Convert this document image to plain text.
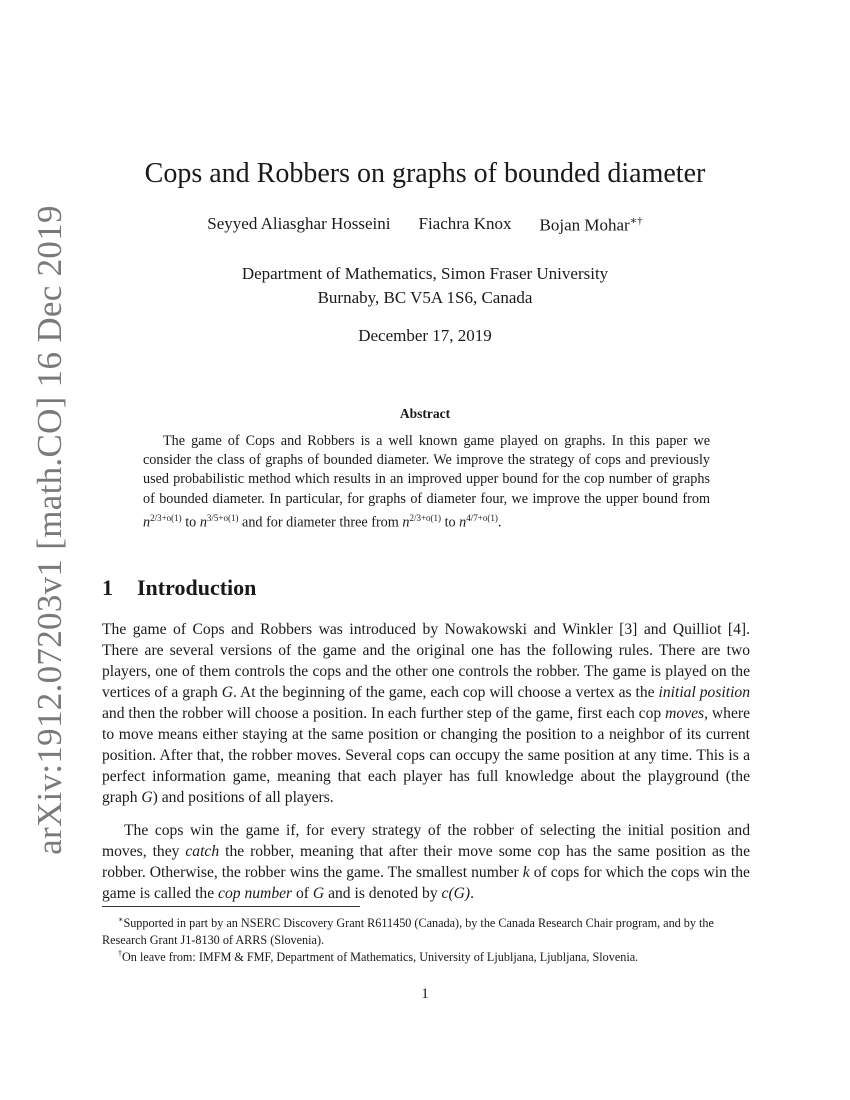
arXiv:1912.07203v1 [math.CO] 16 Dec 2019
Cops and Robbers on graphs of bounded diameter
Seyyed Aliasghar Hosseini Fiachra Knox Bojan Mohar∗†
Department of Mathematics, Simon Fraser University
Burnaby, BC V5A 1S6, Canada
December 17, 2019
Abstract

The game of Cops and Robbers is a well known game played on graphs. In this paper we consider the class of graphs of bounded diameter. We improve the strategy of cops and previously used probabilistic method which results in an improved upper bound for the cop number of graphs of bounded diameter. In particular, for graphs of diameter four, we improve the upper bound from $n^{2/3+o(1)}$ to $n^{3/5+o(1)}$ and for diameter three from $n^{2/3+o(1)}$ to $n^{4/7+o(1)}$.

1 Introduction

The game of Cops and Robbers was introduced by Nowakowski and Winkler [3] and Quilliot [4]. There are several versions of the game and the original one has the following rules. There are two players, one of them controls the cops and the other one controls the robber. The game is played on the vertices of a graph G. At the beginning of the game, each cop will choose a vertex as the initial position and then the robber will choose a position. In each further step of the game, first each cop moves, where to move means either staying at the same position or changing the position to a neighbor of its current position. After that, the robber moves. Several cops can occupy the same position at any time. This is a perfect information game, meaning that each player has full knowledge about the playground (the graph G) and positions of all players.

The cops win the game if, for every strategy of the robber of selecting the initial position and moves, they catch the robber, meaning that after their move some cop has the same position as the robber. Otherwise, the robber wins the game. The smallest number k of cops for which the cops win the game is called the cop number of G and is denoted by c(G).

∗Supported in part by an NSERC Discovery Grant R611450 (Canada), by the Canada Research Chair program, and by the Research Grant J1-8130 of ARRS (Slovenia).

†On leave from: IMFM & FMF, Department of Mathematics, University of Ljubljana, Ljubljana, Slovenia.

1
